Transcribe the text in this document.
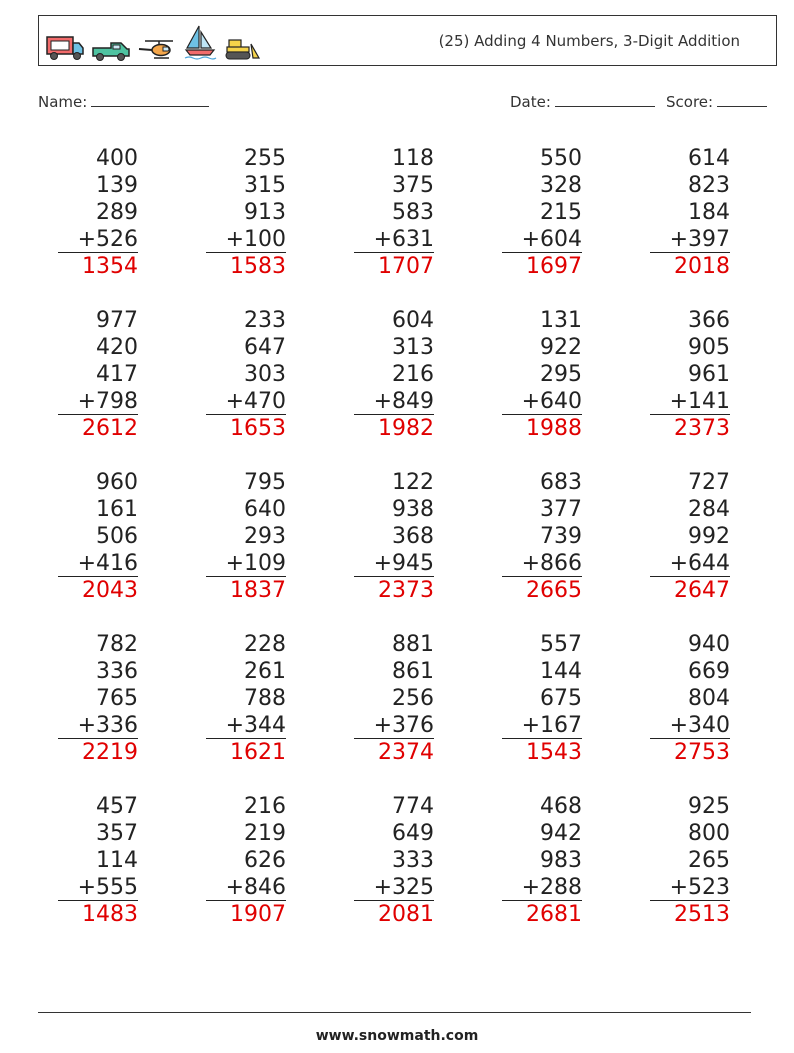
(25) Adding 4 Numbers, 3-Digit Addition
Name:	Date:	Score:
400
139
289
+526
1354
255
315
913
+100
1583
118
375
583
+631
1707
550
328
215
+604
1697
614
823
184
+397
2018
977
420
417
+798
2612
233
647
303
+470
1653
604
313
216
+849
1982
131
922
295
+640
1988
366
905
961
+141
2373
960
161
506
+416
2043
795
640
293
+109
1837
122
938
368
+945
2373
683
377
739
+866
2665
727
284
992
+644
2647
782
336
765
+336
2219
228
261
788
+344
1621
881
861
256
+376
2374
557
144
675
+167
1543
940
669
804
+340
2753
457
357
114
+555
1483
216
219
626
+846
1907
774
649
333
+325
2081
468
942
983
+288
2681
925
800
265
+523
2513
www.snowmath.com
